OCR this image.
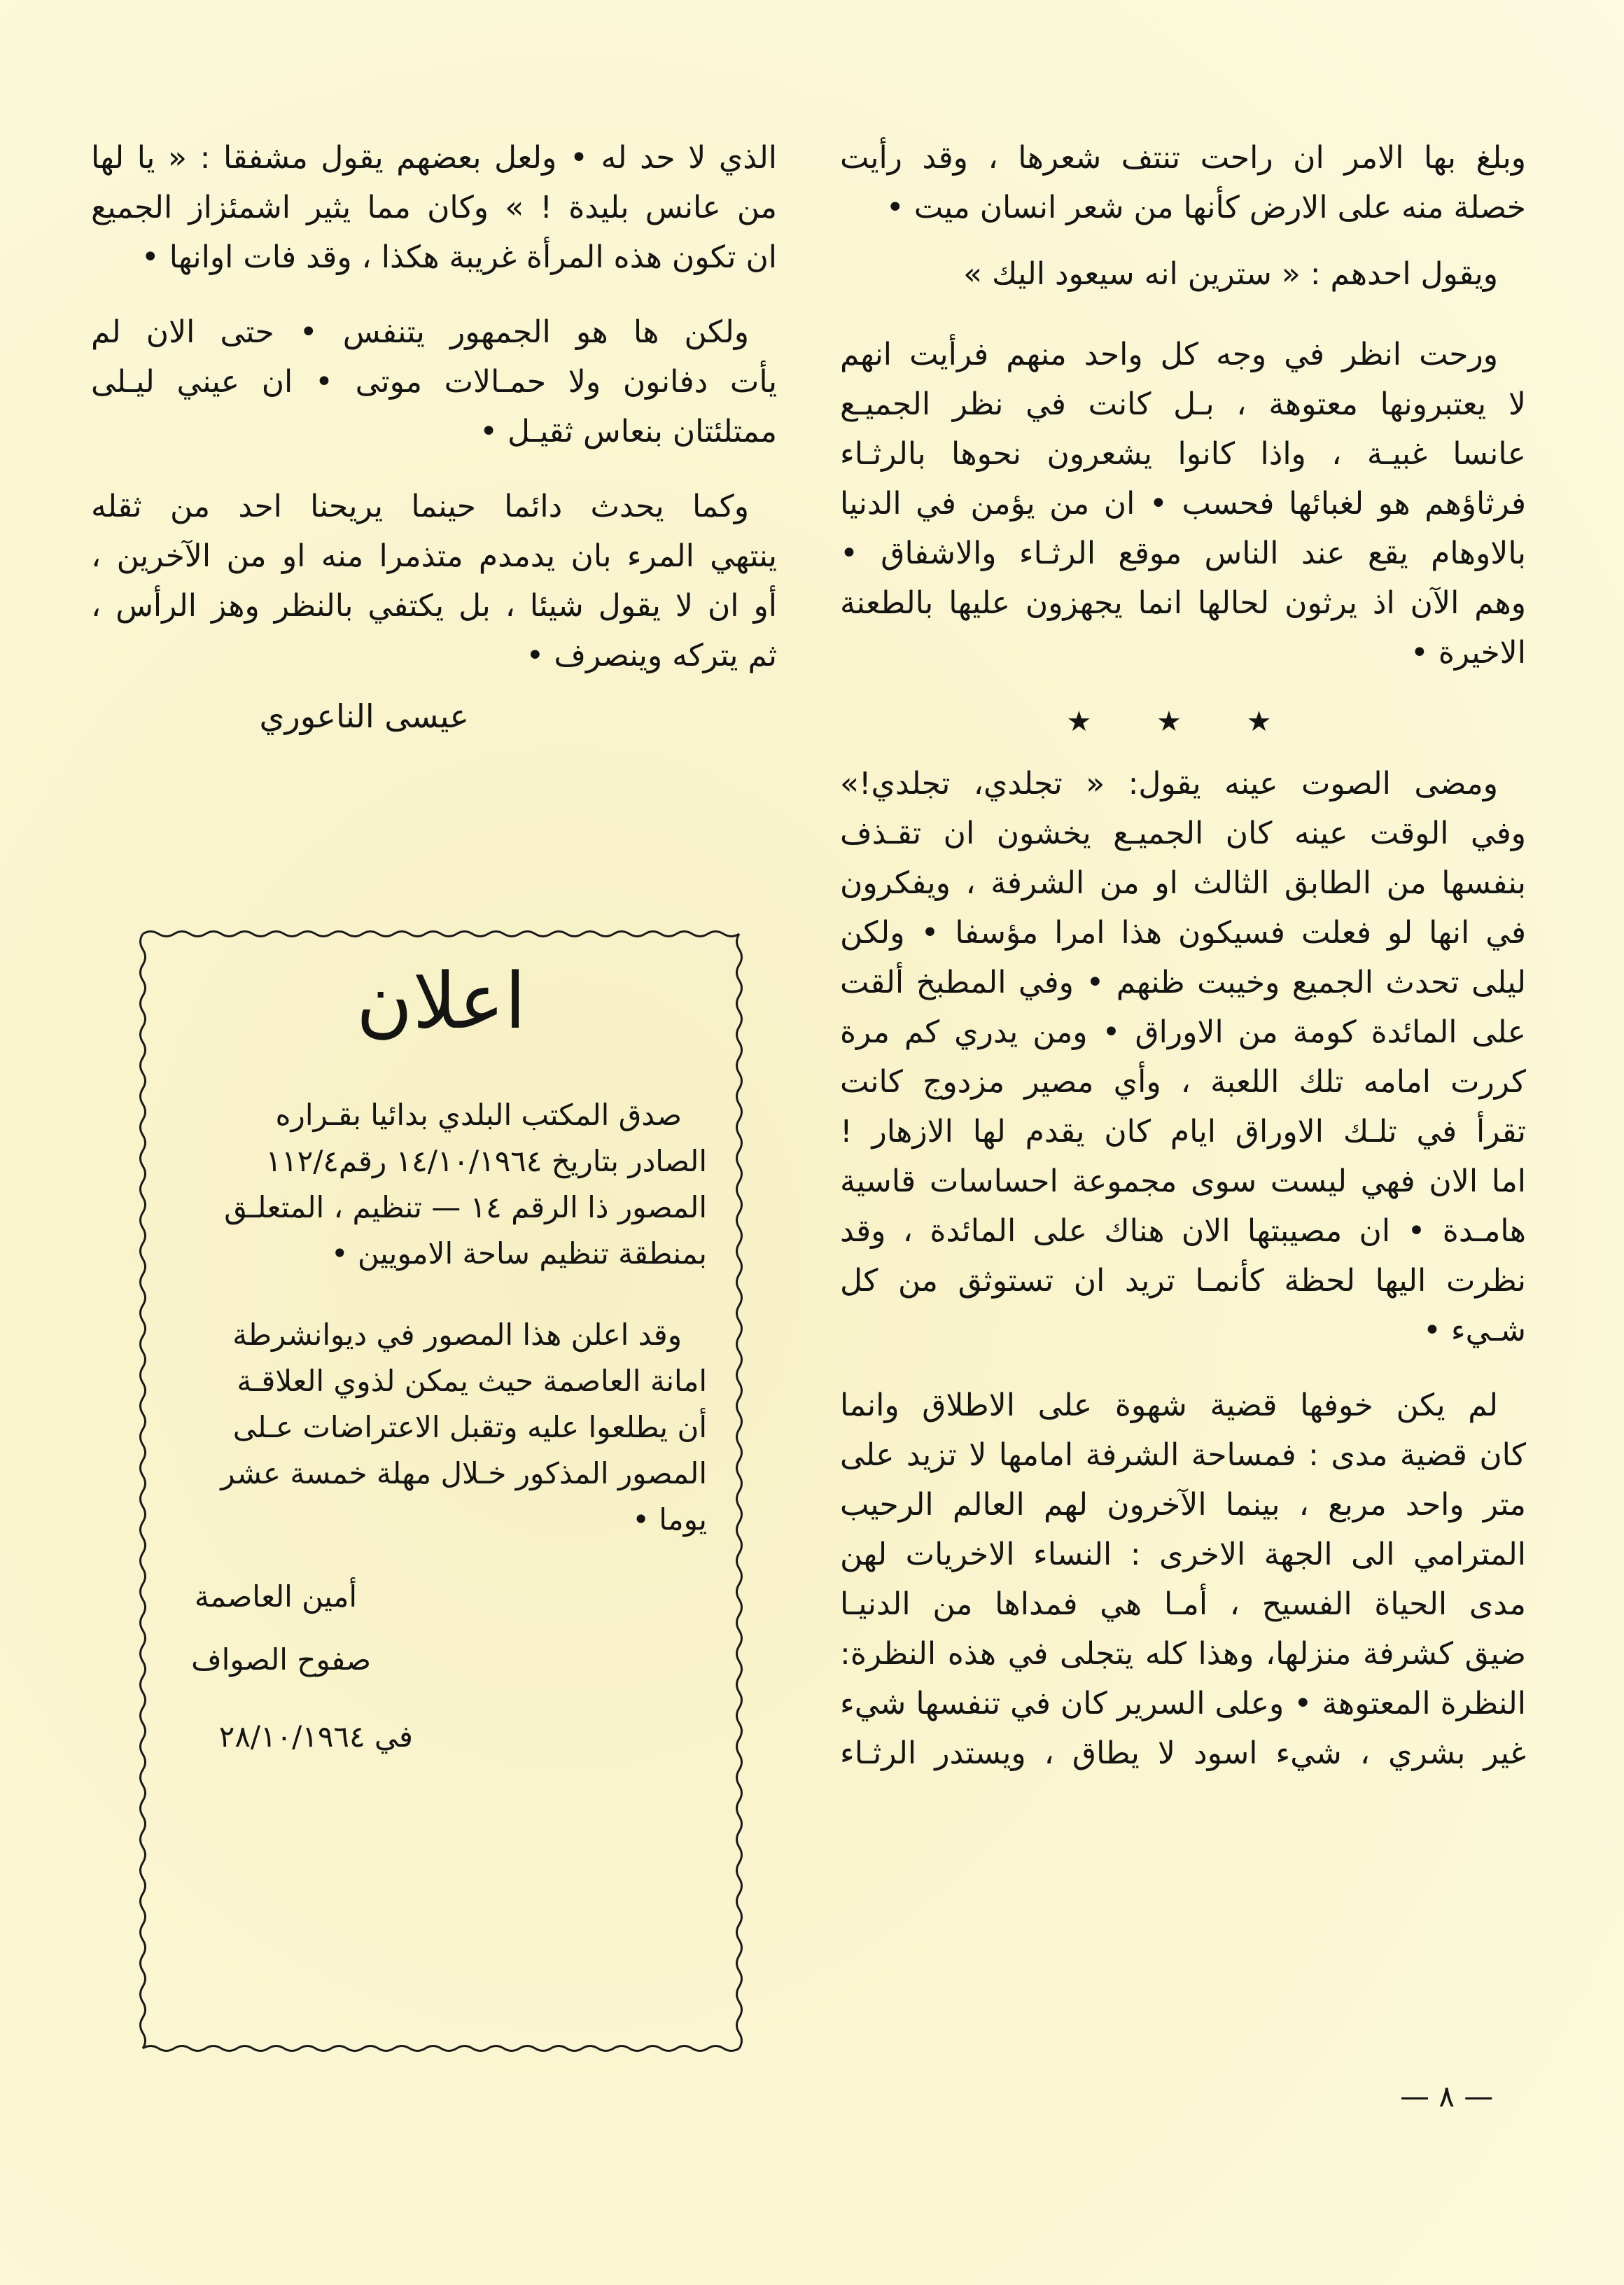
وبلغ بها الامر ان راحت تنتف شعرها ، وقد رأيت
خصلة منه على الارض كأنها من شعر انسان ميت •
ويقول احدهم : « سترين انه سيعود اليك »
ورحت انظر في وجه كل واحد منهم فرأيت انهم
لا يعتبرونها معتوهة ، بـل كانت في نظر الجميـع
عانسا غبيـة ، واذا كانوا يشعرون نحوها بالرثـاء
فرثاؤهم هو لغبائها فحسب • ان من يؤمن في الدنيا
بالاوهام يقع عند الناس موقع الرثـاء والاشفاق •
وهم الآن اذ يرثون لحالها انما يجهزون عليها بالطعنة
الاخيرة •
★ ★ ★
ومضى الصوت عينه يقول: « تجلدي، تجلدي!»
وفي الوقت عينه كان الجميـع يخشون ان تقـذف
بنفسها من الطابق الثالث او من الشرفة ، ويفكرون
في انها لو فعلت فسيكون هذا امرا مؤسفا • ولكن
ليلى تحدث الجميع وخيبت ظنهم • وفي المطبخ ألقت
على المائدة كومة من الاوراق • ومن يدري كم مرة
كررت امامه تلك اللعبة ، وأي مصير مزدوج كانت
تقرأ في تلـك الاوراق ايام كان يقدم لها الازهار !
اما الان فهي ليست سوى مجموعة احساسات قاسية
هامـدة • ان مصيبتها الان هناك على المائدة ، وقد
نظرت اليها لحظة كأنمـا تريد ان تستوثق من كل
شـيء •
لم يكن خوفها قضية شهوة على الاطلاق وانما
كان قضية مدى : فمساحة الشرفة امامها لا تزيد على
متر واحد مربع ، بينما الآخرون لهم العالم الرحيب
المترامي الى الجهة الاخرى : النساء الاخريات لهن
مدى الحياة الفسيح ، أمـا هي فمداها من الدنيـا
ضيق كشرفة منزلها، وهذا كله يتجلى في هذه النظرة:
النظرة المعتوهة • وعلى السرير كان في تنفسها شيء
غير بشري ، شيء اسود لا يطاق ، ويستدر الرثـاء
الذي لا حد له • ولعل بعضهم يقول مشفقا : « يا لها
من عانس بليدة ! » وكان مما يثير اشمئزاز الجميع
ان تكون هذه المرأة غريبة هكذا ، وقد فات اوانها •
ولكن ها هو الجمهور يتنفس • حتى الان لم
يأت دفانون ولا حمـالات موتى • ان عيني ليـلى
ممتلئتان بنعاس ثقيـل •
وكما يحدث دائما حينما يريحنا احد من ثقله
ينتهي المرء بان يدمدم متذمرا منه او من الآخرين ،
أو ان لا يقول شيئا ، بل يكتفي بالنظر وهز الرأس ،
ثم يتركه وينصرف •
عيسى الناعوري
اعلان
صدق المكتب البلدي بدائيا بقـراره
الصادر بتاريخ ١٤/١٠/١٩٦٤ رقم١١٢/٤
المصور ذا الرقم ١٤ — تنظيم ، المتعلـق
بمنطقة تنظيم ساحة الامويين •
وقد اعلن هذا المصور في ديوانشرطة
امانة العاصمة حيث يمكن لذوي العلاقـة
أن يطلعوا عليه وتقبل الاعتراضات عـلى
المصور المذكور خـلال مهلة خمسة عشر
يوما •
أمين العاصمة
صفوح الصواف
في ٢٨/١٠/١٩٦٤
— ٨ —
